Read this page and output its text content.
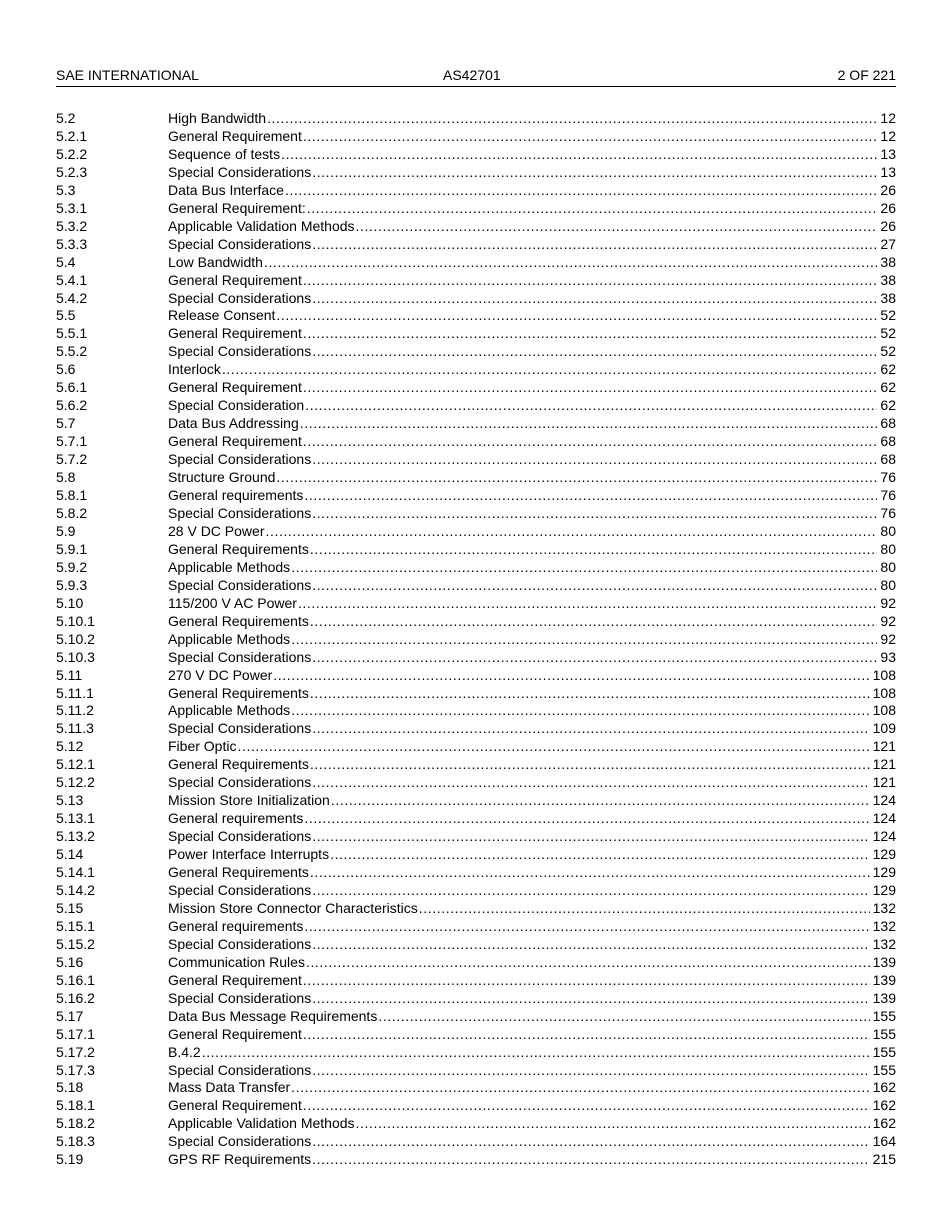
SAE INTERNATIONAL	AS42701	2 OF 221
5.2	High Bandwidth .....	12
5.2.1	General Requirement .....	12
5.2.2	Sequence of tests .....	13
5.2.3	Special Considerations .....	13
5.3	Data Bus Interface .....	26
5.3.1	General Requirement: .....	26
5.3.2	Applicable Validation Methods .....	26
5.3.3	Special Considerations .....	27
5.4	Low Bandwidth .....	38
5.4.1	General Requirement .....	38
5.4.2	Special Considerations .....	38
5.5	Release Consent .....	52
5.5.1	General Requirement .....	52
5.5.2	Special Considerations .....	52
5.6	Interlock .....	62
5.6.1	General Requirement .....	62
5.6.2	Special Consideration .....	62
5.7	Data Bus Addressing .....	68
5.7.1	General Requirement .....	68
5.7.2	Special Considerations .....	68
5.8	Structure Ground .....	76
5.8.1	General requirements .....	76
5.8.2	Special Considerations .....	76
5.9	28 V DC Power .....	80
5.9.1	General Requirements .....	80
5.9.2	Applicable Methods .....	80
5.9.3	Special Considerations .....	80
5.10	115/200 V AC Power .....	92
5.10.1	General Requirements .....	92
5.10.2	Applicable Methods .....	92
5.10.3	Special Considerations .....	93
5.11	270 V DC Power .....	108
5.11.1	General Requirements .....	108
5.11.2	Applicable Methods .....	108
5.11.3	Special Considerations .....	109
5.12	Fiber Optic .....	121
5.12.1	General Requirements .....	121
5.12.2	Special Considerations .....	121
5.13	Mission Store Initialization .....	124
5.13.1	General requirements .....	124
5.13.2	Special Considerations .....	124
5.14	Power Interface Interrupts .....	129
5.14.1	General Requirements .....	129
5.14.2	Special Considerations .....	129
5.15	Mission Store Connector Characteristics .....	132
5.15.1	General requirements .....	132
5.15.2	Special Considerations .....	132
5.16	Communication Rules .....	139
5.16.1	General Requirement .....	139
5.16.2	Special Considerations .....	139
5.17	Data Bus Message Requirements .....	155
5.17.1	General Requirement .....	155
5.17.2	B.4.2 .....	155
5.17.3	Special Considerations .....	155
5.18	Mass Data Transfer .....	162
5.18.1	General Requirement .....	162
5.18.2	Applicable Validation Methods .....	162
5.18.3	Special Considerations .....	164
5.19	GPS RF Requirements .....	215
